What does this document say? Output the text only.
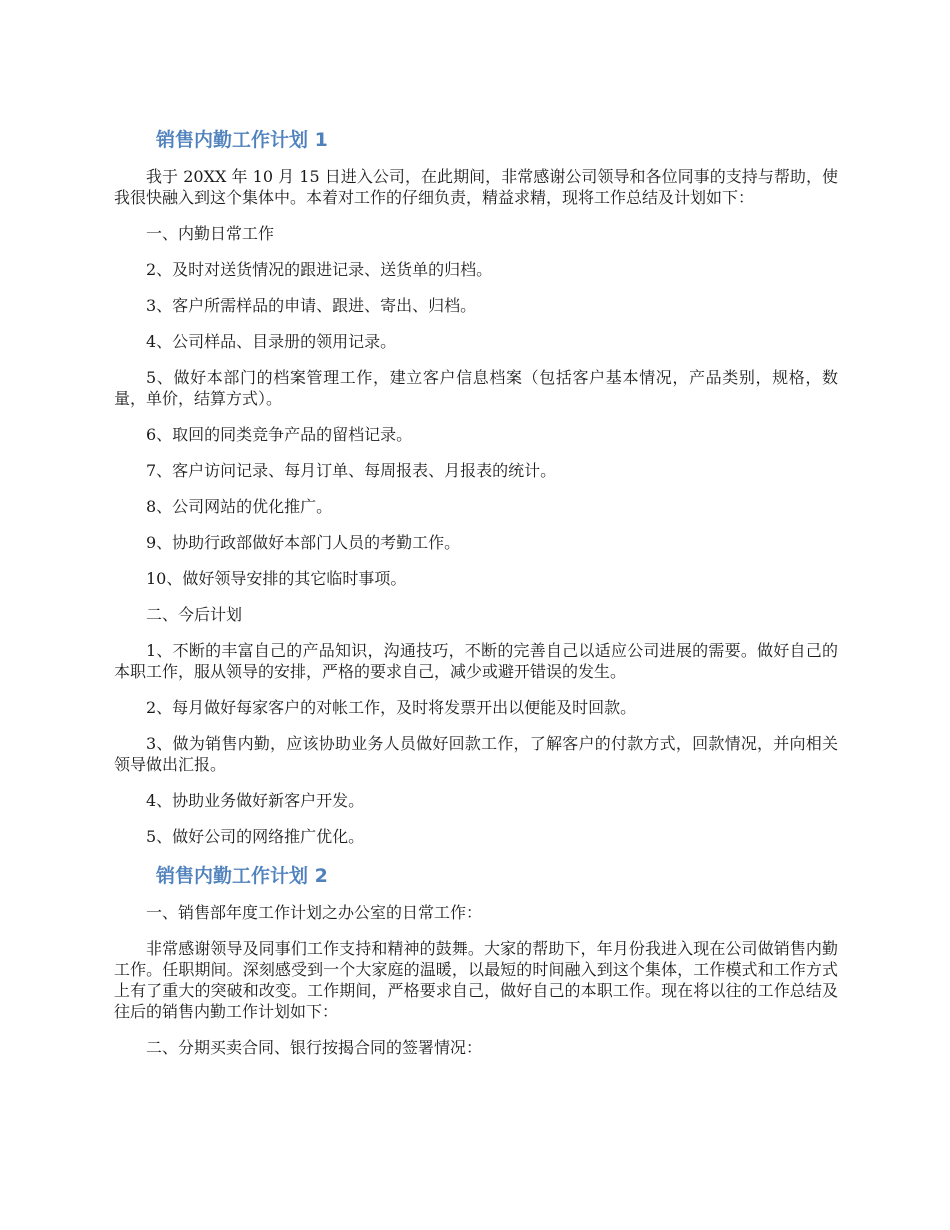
销售内勤工作计划 1

我于 20XX 年 10 月 15 日进入公司，在此期间，非常感谢公司领导和各位同事的支持与帮助，使我很快融入到这个集体中。本着对工作的仔细负责，精益求精，现将工作总结及计划如下：

一、内勤日常工作

2、及时对送货情况的跟进记录、送货单的归档。

3、客户所需样品的申请、跟进、寄出、归档。

4、公司样品、目录册的领用记录。

5、做好本部门的档案管理工作，建立客户信息档案（包括客户基本情况，产品类别，规格，数量，单价，结算方式）。

6、取回的同类竞争产品的留档记录。

7、客户访问记录、每月订单、每周报表、月报表的统计。

8、公司网站的优化推广。

9、协助行政部做好本部门人员的考勤工作。

10、做好领导安排的其它临时事项。

二、今后计划

1、不断的丰富自己的产品知识，沟通技巧，不断的完善自己以适应公司进展的需要。做好自己的本职工作，服从领导的安排，严格的要求自己，减少或避开错误的发生。

2、每月做好每家客户的对帐工作，及时将发票开出以便能及时回款。

3、做为销售内勤，应该协助业务人员做好回款工作，了解客户的付款方式，回款情况，并向相关领导做出汇报。

4、协助业务做好新客户开发。

5、做好公司的网络推广优化。

销售内勤工作计划 2

一、销售部年度工作计划之办公室的日常工作：

非常感谢领导及同事们工作支持和精神的鼓舞。大家的帮助下，年月份我进入现在公司做销售内勤工作。任职期间。深刻感受到一个大家庭的温暖，以最短的时间融入到这个集体，工作模式和工作方式上有了重大的突破和改变。工作期间，严格要求自己，做好自己的本职工作。现在将以往的工作总结及往后的销售内勤工作计划如下：

二、分期买卖合同、银行按揭合同的签署情况：
